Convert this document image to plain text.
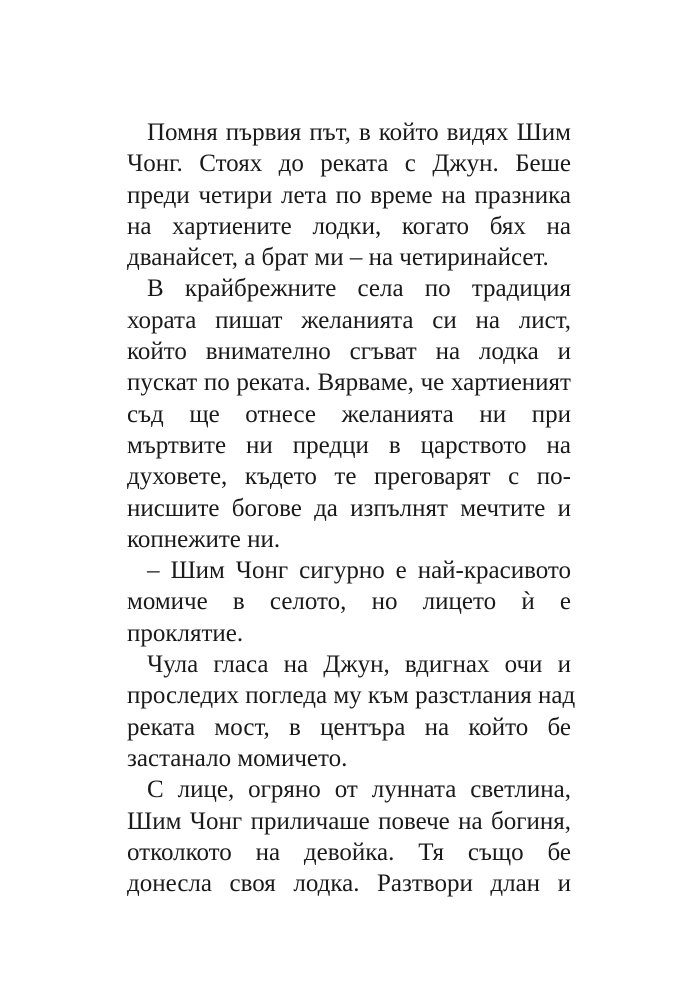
Помня първия път, в който видях Шим
Чонг. Стоях до реката с Джун. Беше
преди четири лета по време на празника
на хартиените лодки, когато бях на
дванайсет, а брат ми – на четиринайсет.

В крайбрежните села по традиция
хората пишат желанията си на лист,
който внимателно сгъват на лодка и
пускат по реката. Вярваме, че хартиеният
съд ще отнесе желанията ни при
мъртвите ни предци в царството на
духовете, където те преговарят с по-
нисшите богове да изпълнят мечтите и
копнежите ни.

– Шим Чонг сигурно е най-красивото
момиче в селото, но лицето ѝ е
проклятие.

Чула гласа на Джун, вдигнах очи и
проследих погледа му към разстлания над
реката мост, в центъра на който бе
застанало момичето.

С лице, огряно от лунната светлина,
Шим Чонг приличаше повече на богиня,
отколкото на девойка. Тя също бе
донесла своя лодка. Разтвори длан и
